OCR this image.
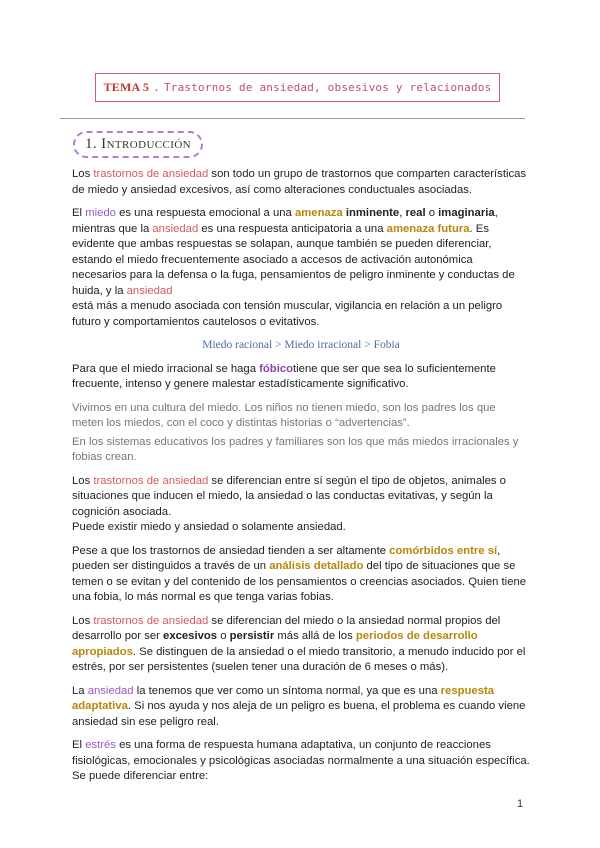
TEMA 5 . Trastornos de ansiedad, obsesivos y relacionados
1. Introducción

Los trastornos de ansiedad son todo un grupo de trastornos que comparten características de miedo y ansiedad excesivos, así como alteraciones conductuales asociadas.

El miedo es una respuesta emocional a una amenaza inminente, real o imaginaria,
mientras que la ansiedad es una respuesta anticipatoria a una amenaza futura. Es evidente que ambas respuestas se solapan, aunque también se pueden diferenciar, estando el miedo frecuentemente asociado a accesos de activación autonómica necesarios para la defensa o la fuga, pensamientos de peligro inminente y conductas de huida, y la ansiedad

está más a menudo asociada con tensión muscular, vigilancia en relación a un peligro futuro y comportamientos cautelosos o evitativos.

Miedo racional > Miedo irracional > Fobia

Para que el miedo irracional se haga fóbicotiene que ser que sea lo suficientemente frecuente, intenso y genere malestar estadísticamente significativo.

Vivimos en una cultura del miedo. Los niños no tienen miedo, son los padres los que meten los miedos, con el coco y distintas historias o “advertencias”.

En los sistemas educativos los padres y familiares son los que más miedos irracionales y fobias crean.

Los trastornos de ansiedad se diferencian entre sí según el tipo de objetos, animales o situaciones que inducen el miedo, la ansiedad o las conductas evitativas, y según la cognición asociada.

Puede existir miedo y ansiedad o solamente ansiedad.

Pese a que los trastornos de ansiedad tienden a ser altamente comórbidos entre sí, pueden ser distinguidos a través de un análisis detallado del tipo de situaciones que se temen o se evitan y del contenido de los pensamientos o creencias asociados. Quien tiene una fobia, lo más normal es que tenga varias fobias.

Los trastornos de ansiedad se diferencian del miedo o la ansiedad normal propios del desarrollo por ser excesivos o persistir más allá de los periodos de desarrollo apropiados. Se distinguen de la ansiedad o el miedo transitorio, a menudo inducido por el estrés, por ser persistentes (suelen tener una duración de 6 meses o más).

La ansiedad la tenemos que ver como un síntoma normal, ya que es una respuesta adaptativa. Si nos ayuda y nos aleja de un peligro es buena, el problema es cuando viene ansiedad sin ese peligro real.

El estrés es una forma de respuesta humana adaptativa, un conjunto de reacciones fisiológicas, emocionales y psicológicas asociadas normalmente a una situación específica. Se puede diferenciar entre:

1
